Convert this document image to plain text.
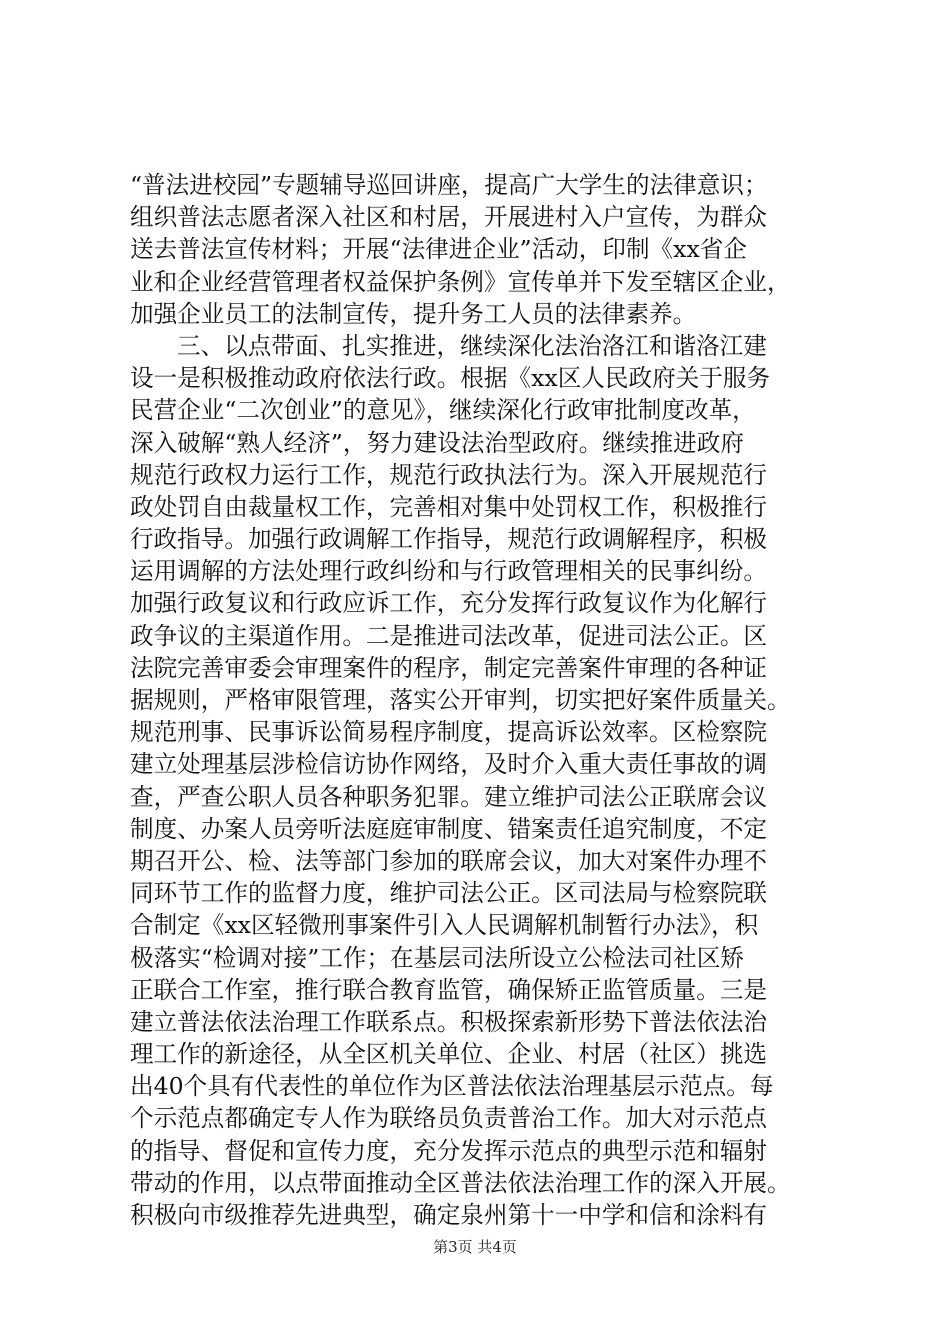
“普法进校园”专题辅导巡回讲座，提高广大学生的法律意识；
组织普法志愿者深入社区和村居，开展进村入户宣传，为群众
送去普法宣传材料；开展“法律进企业”活动，印制《xx省企
业和企业经营管理者权益保护条例》宣传单并下发至辖区企业，
加强企业员工的法制宣传，提升务工人员的法律素养。
三、以点带面、扎实推进，继续深化法治洛江和谐洛江建
设一是积极推动政府依法行政。根据《xx区人民政府关于服务
民营企业“二次创业”的意见》，继续深化行政审批制度改革，
深入破解“熟人经济”，努力建设法治型政府。继续推进政府
规范行政权力运行工作，规范行政执法行为。深入开展规范行
政处罚自由裁量权工作，完善相对集中处罚权工作，积极推行
行政指导。加强行政调解工作指导，规范行政调解程序，积极
运用调解的方法处理行政纠纷和与行政管理相关的民事纠纷。
加强行政复议和行政应诉工作，充分发挥行政复议作为化解行
政争议的主渠道作用。二是推进司法改革，促进司法公正。区
法院完善审委会审理案件的程序，制定完善案件审理的各种证
据规则，严格审限管理，落实公开审判，切实把好案件质量关。
规范刑事、民事诉讼简易程序制度，提高诉讼效率。区检察院
建立处理基层涉检信访协作网络，及时介入重大责任事故的调
查，严查公职人员各种职务犯罪。建立维护司法公正联席会议
制度、办案人员旁听法庭庭审制度、错案责任追究制度，不定
期召开公、检、法等部门参加的联席会议，加大对案件办理不
同环节工作的监督力度，维护司法公正。区司法局与检察院联
合制定《xx区轻微刑事案件引入人民调解机制暂行办法》，积
极落实“检调对接”工作；在基层司法所设立公检法司社区矫
正联合工作室，推行联合教育监管，确保矫正监管质量。三是
建立普法依法治理工作联系点。积极探索新形势下普法依法治
理工作的新途径，从全区机关单位、企业、村居（社区）挑选
出40个具有代表性的单位作为区普法依法治理基层示范点。每
个示范点都确定专人作为联络员负责普治工作。加大对示范点
的指导、督促和宣传力度，充分发挥示范点的典型示范和辐射
带动的作用，以点带面推动全区普法依法治理工作的深入开展。
积极向市级推荐先进典型，确定泉州第十一中学和信和涂料有
第3页 共4页
